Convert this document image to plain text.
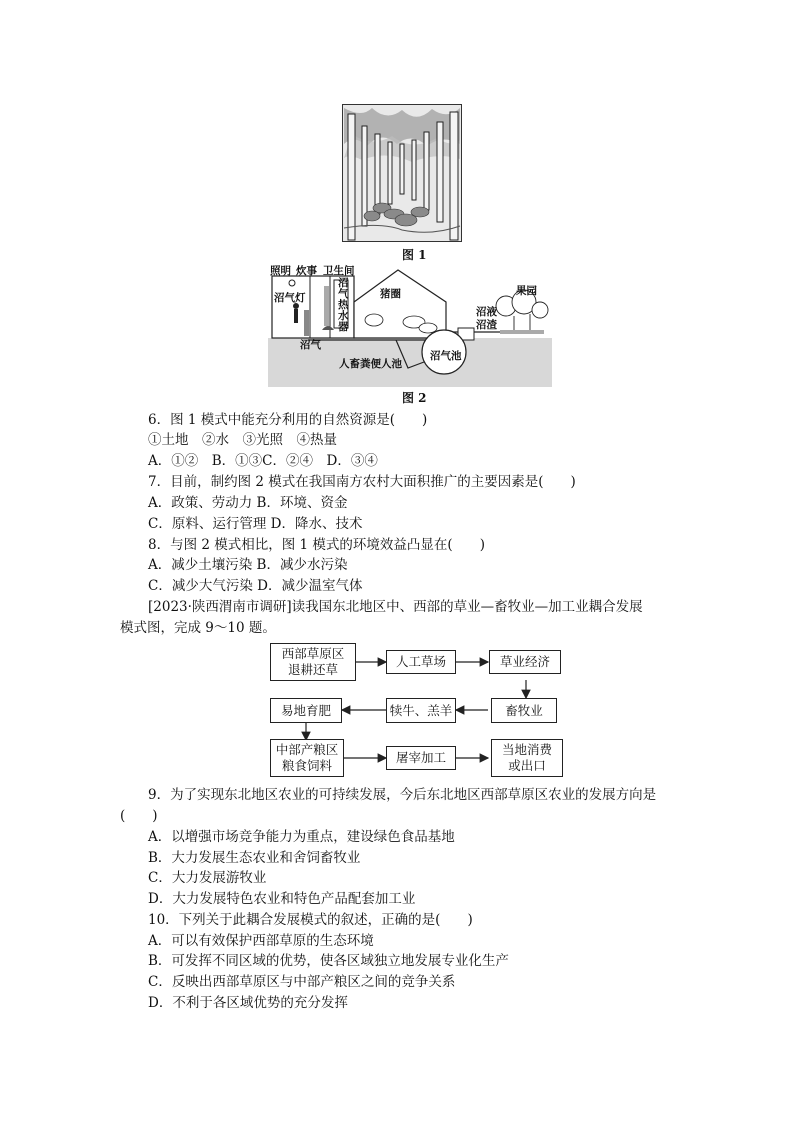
图 1
照明 炊事 卫生间
沼气灯
沼
气
热
水
器
猪圈
沼液
沼渣
果园
沼气
人畜粪便人池
沼气池
图 2
6．图 1 模式中能充分利用的自然资源是(　　)
①土地　②水　③光照　④热量
A．①②　B．①③C．②④　D．③④
7．目前，制约图 2 模式在我国南方农村大面积推广的主要因素是(　　)
A．政策、劳动力 B．环境、资金
C．原料、运行管理 D．降水、技术
8．与图 2 模式相比，图 1 模式的环境效益凸显在(　　)
A．减少土壤污染 B．减少水污染
C．减少大气污染 D．减少温室气体
[2023·陕西渭南市调研]读我国东北地区中、西部的草业—畜牧业—加工业耦合发展
模式图，完成 9～10 题。
西部草原区
退耕还草
人工草场	草业经济
易地育肥	犊牛、羔羊	畜牧业
中部产粮区
粮食饲料
屠宰加工
当地消费
或出口
9．为了实现东北地区农业的可持续发展，今后东北地区西部草原区农业的发展方向是
(　　)
A．以增强市场竞争能力为重点，建设绿色食品基地
B．大力发展生态农业和舍饲畜牧业
C．大力发展游牧业
D．大力发展特色农业和特色产品配套加工业
10．下列关于此耦合发展模式的叙述，正确的是(　　)
A．可以有效保护西部草原的生态环境
B．可发挥不同区域的优势，使各区域独立地发展专业化生产
C．反映出西部草原区与中部产粮区之间的竞争关系
D．不利于各区域优势的充分发挥
